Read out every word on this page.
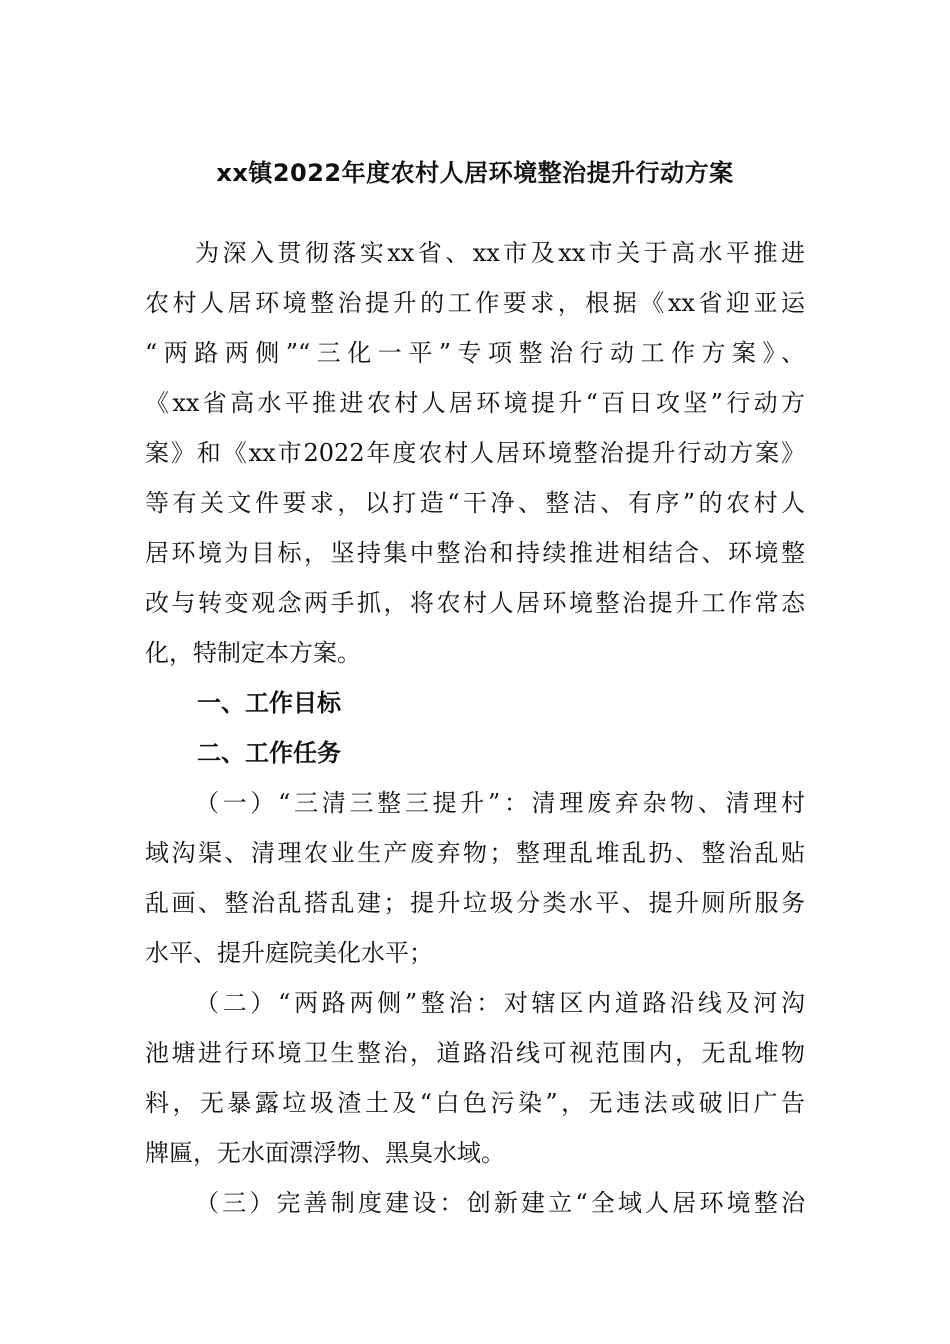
xx镇2022年度农村人居环境整治提升行动方案
为深入贯彻落实xx省、xx市及xx市关于高水平推进
农村人居环境整治提升的工作要求，根据《xx省迎亚运
“两路两侧”“三化一平”专项整治行动工作方案》、
《xx省高水平推进农村人居环境提升“百日攻坚”行动方
案》和《xx市2022年度农村人居环境整治提升行动方案》
等有关文件要求，以打造“干净、整洁、有序”的农村人
居环境为目标，坚持集中整治和持续推进相结合、环境整
改与转变观念两手抓，将农村人居环境整治提升工作常态
化，特制定本方案。
一、工作目标
二、工作任务
（一）“三清三整三提升”：清理废弃杂物、清理村
域沟渠、清理农业生产废弃物；整理乱堆乱扔、整治乱贴
乱画、整治乱搭乱建；提升垃圾分类水平、提升厕所服务
水平、提升庭院美化水平；
（二）“两路两侧”整治：对辖区内道路沿线及河沟
池塘进行环境卫生整治，道路沿线可视范围内，无乱堆物
料，无暴露垃圾渣土及“白色污染”，无违法或破旧广告
牌匾，无水面漂浮物、黑臭水域。
（三）完善制度建设：创新建立“全域人居环境整治
